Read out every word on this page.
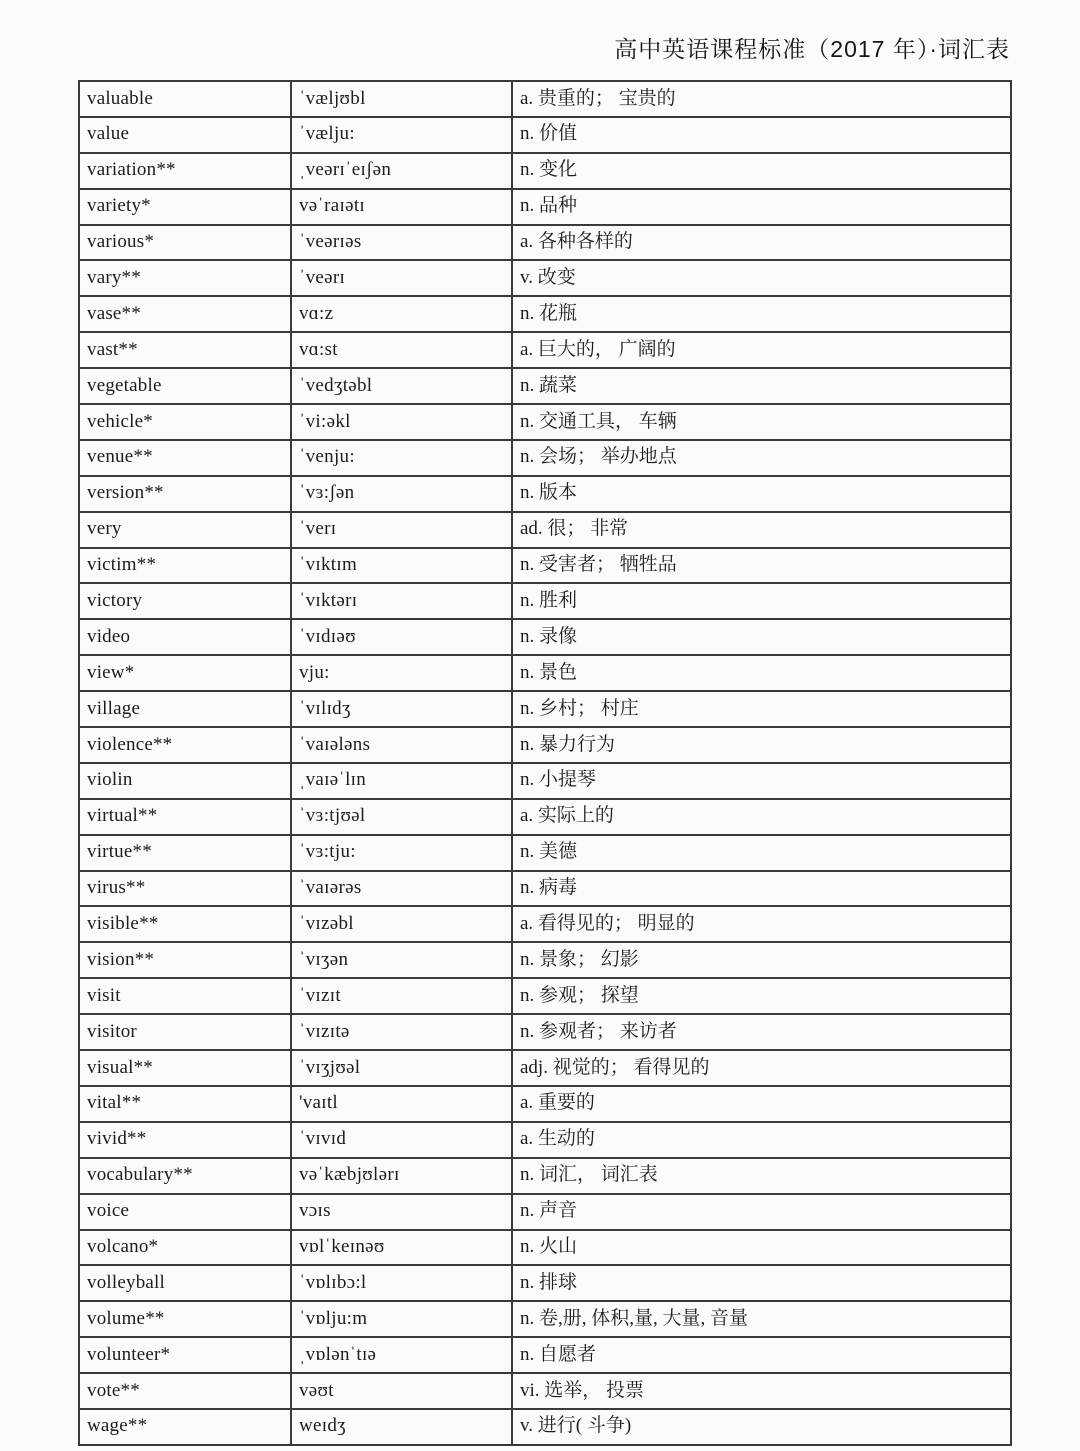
高中英语课程标准（2017 年）·词汇表
valuable	ˈvæljʊbl	a. 贵重的； 宝贵的
value	ˈvælju:	n. 价值
variation**	ˌveərɪˈeɪʃən	n. 变化
variety*	vəˈraɪətɪ	n. 品种
various*	ˈveərɪəs	a. 各种各样的
vary**	ˈveərɪ	v. 改变
vase**	vɑ:z	n. 花瓶
vast**	vɑ:st	a. 巨大的， 广阔的
vegetable	ˈvedʒtəbl	n. 蔬菜
vehicle*	ˈvi:əkl	n. 交通工具， 车辆
venue**	ˈvenju:	n. 会场； 举办地点
version**	ˈvɜ:ʃən	n. 版本
very	ˈverɪ	ad. 很； 非常
victim**	ˈvɪktɪm	n. 受害者； 牺牲品
victory	ˈvɪktərɪ	n. 胜利
video	ˈvɪdɪəʊ	n. 录像
view*	vju:	n. 景色
village	ˈvɪlɪdʒ	n. 乡村； 村庄
violence**	ˈvaɪələns	n. 暴力行为
violin	ˌvaɪəˈlɪn	n. 小提琴
virtual**	ˈvɜ:tjʊəl	a. 实际上的
virtue**	ˈvɜ:tju:	n. 美德
virus**	ˈvaɪərəs	n. 病毒
visible**	ˈvɪzəbl	a. 看得见的； 明显的
vision**	ˈvɪʒən	n. 景象； 幻影
visit	ˈvɪzɪt	n. 参观； 探望
visitor	ˈvɪzɪtə	n. 参观者； 来访者
visual**	ˈvɪʒjʊəl	adj. 视觉的； 看得见的
vital**	'vaɪtl	a. 重要的
vivid**	ˈvɪvɪd	a. 生动的
vocabulary**	vəˈkæbjʊlərɪ	n. 词汇， 词汇表
voice	vɔɪs	n. 声音
volcano*	vɒlˈkeɪnəʊ	n. 火山
volleyball	ˈvɒlɪbɔ:l	n. 排球
volume**	ˈvɒlju:m	n. 卷,册, 体积,量, 大量, 音量
volunteer*	ˌvɒlənˈtɪə	n. 自愿者
vote**	vəʊt	vi. 选举， 投票
wage**	weɪdʒ	v. 进行( 斗争)
